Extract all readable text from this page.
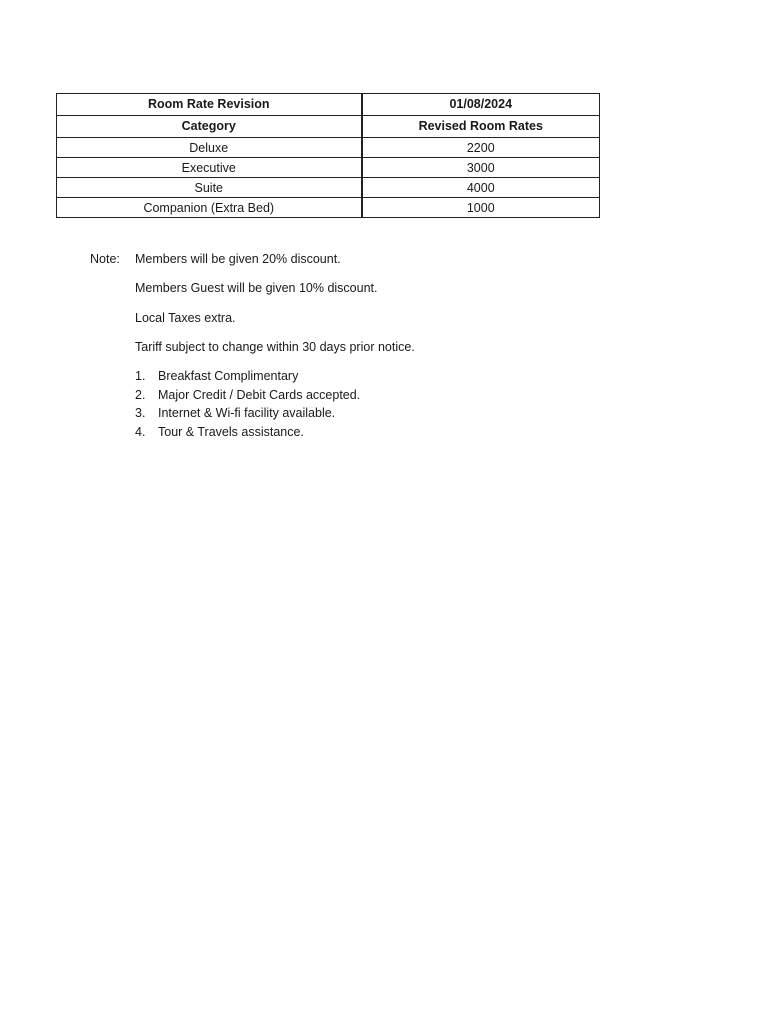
Room Rate Revision	01/08/2024
Category	Revised Room Rates
Deluxe	2200
Executive	3000
Suite	4000
Companion (Extra Bed)	1000
Note:	Members will be given 20% discount.
Members Guest will be given 10% discount.
Local Taxes extra.
Tariff subject to change within 30 days prior notice.
1.	Breakfast Complimentary
2.	Major Credit / Debit Cards accepted.
3.	Internet & Wi-fi facility available.
4.	Tour & Travels assistance.
